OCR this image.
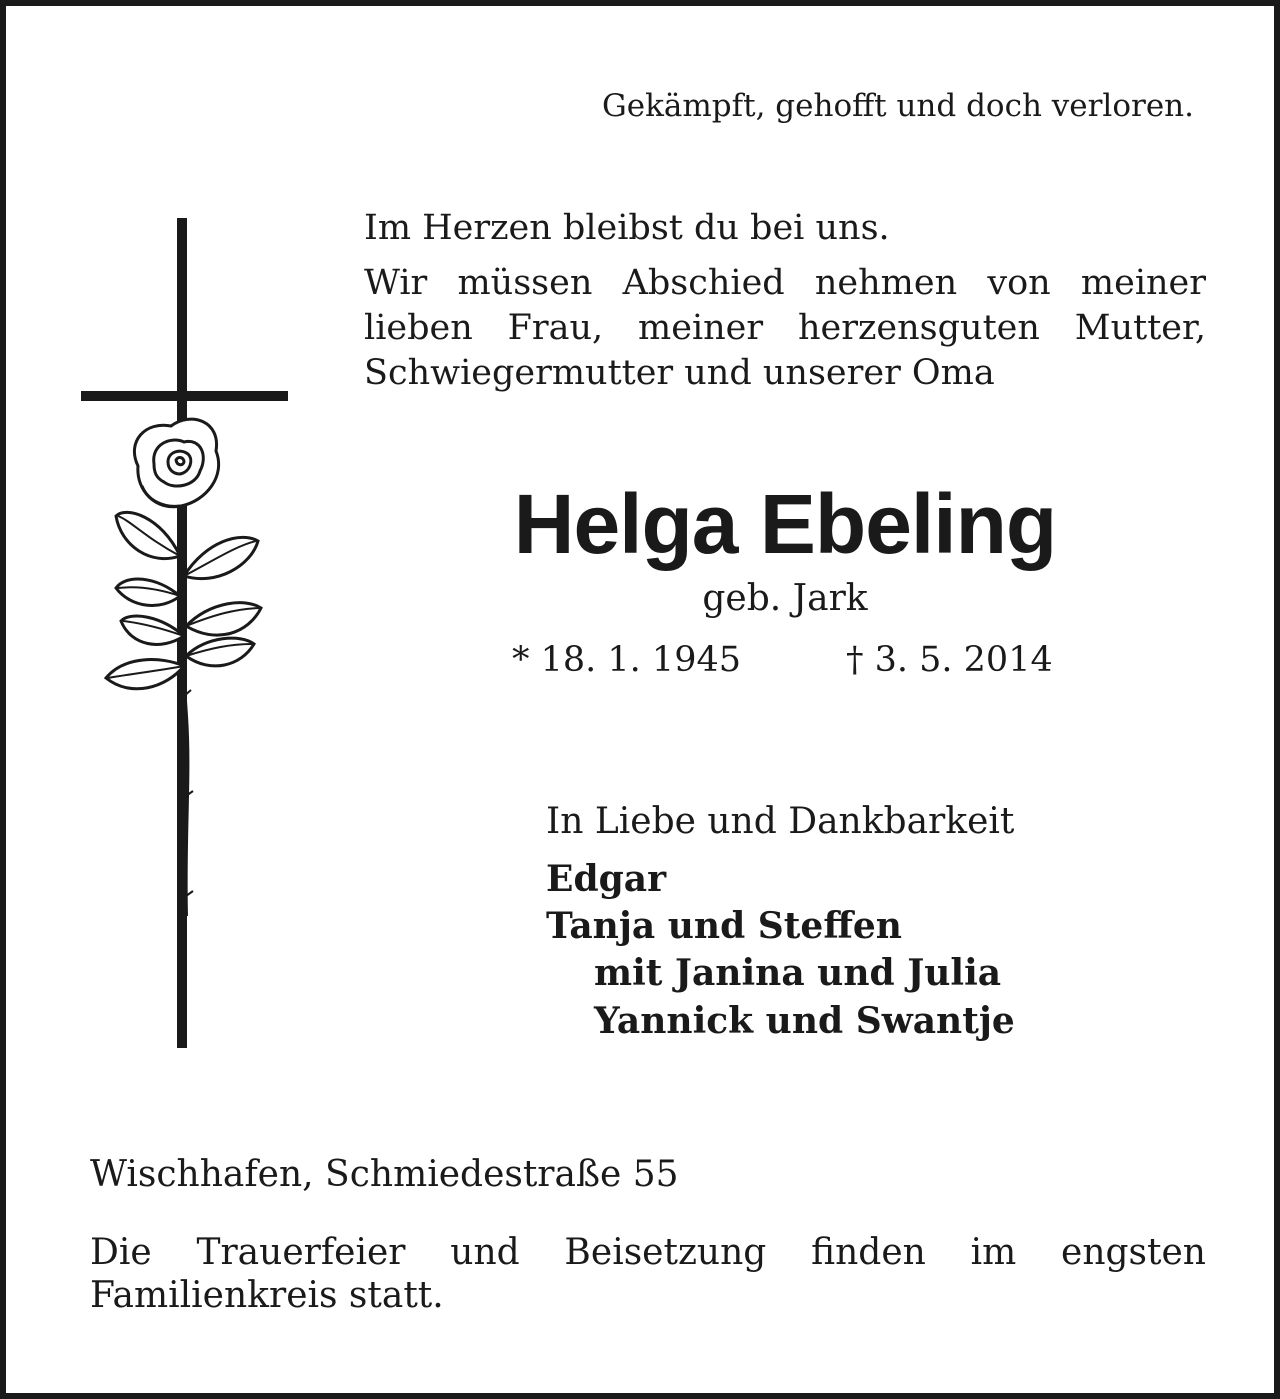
Gekämpft, gehofft und doch verloren.

Im Herzen bleibst du bei uns.

Wir müssen Abschied nehmen von meiner
lieben Frau, meiner herzensguten Mutter,
Schwiegermutter und unserer Oma

Helga Ebeling

geb. Jark

* 18. 1. 1945	† 3. 5. 2014

In Liebe und Dankbarkeit

Edgar

Tanja und Steffen

mit Janina und Julia

Yannick und Swantje

Wischhafen, Schmiedestraße 55

Die Trauerfeier und Beisetzung finden im engsten
Familienkreis statt.
